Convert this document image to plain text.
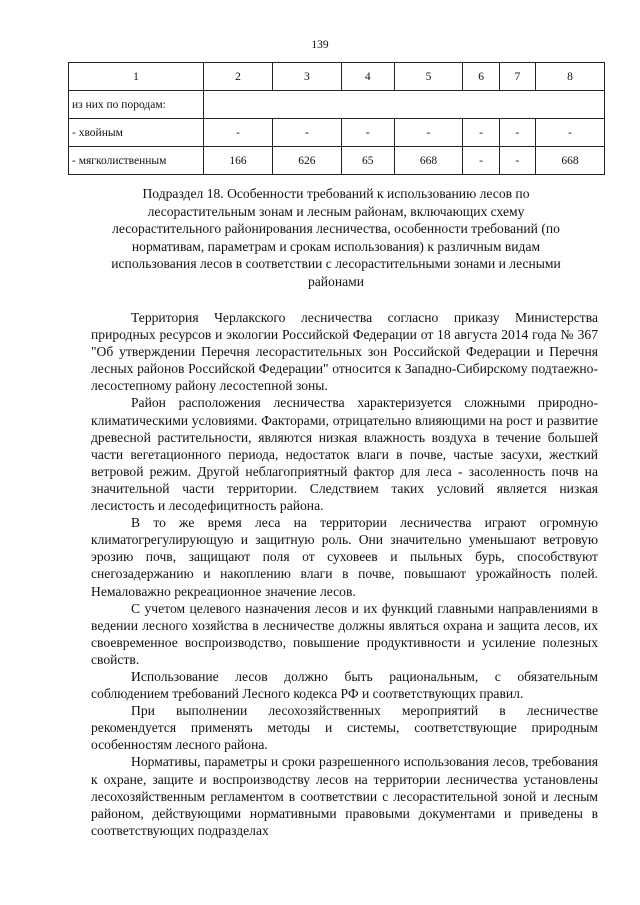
139
1	2	3	4	5	6	7	8
из них по породам:							
- хвойным	-	-	-	-	-	-	-
- мягколиственным	166	626	65	668	-	-	668
Подраздел 18. Особенности требований к использованию лесов по лесорастительным зонам и лесным районам, включающих схему лесорастительного районирования лесничества, особенности требований (по нормативам, параметрам и срокам использования) к различным видам использования лесов в соответствии с лесорастительными зонами и лесными районами

Территория Черлакского лесничества согласно приказу Министерства природных ресурсов и экологии Российской Федерации от 18 августа 2014 года № 367 "Об утверждении Перечня лесорастительных зон Российской Федерации и Перечня лесных районов Российской Федерации" относится к Западно-Сибирскому подтаежно-лесостепному району лесостепной зоны.

Район расположения лесничества характеризуется сложными природно-климатическими условиями. Факторами, отрицательно влияющими на рост и развитие древесной растительности, являются низкая влажность воздуха в течение большей части вегетационного периода, недостаток влаги в почве, частые засухи, жесткий ветровой режим. Другой неблагоприятный фактор для леса - засоленность почв на значительной части территории. Следствием таких условий является низкая лесистость и лесодефицитность района.

В то же время леса на территории лесничества играют огромную климатогрегулирующую и защитную роль. Они значительно уменьшают ветровую эрозию почв, защищают поля от суховеев и пыльных бурь, способствуют снегозадержанию и накоплению влаги в почве, повышают урожайность полей. Немаловажно рекреационное значение лесов.

С учетом целевого назначения лесов и их функций главными направлениями в ведении лесного хозяйства в лесничестве должны являться охрана и защита лесов, их своевременное воспроизводство, повышение продуктивности и усиление полезных свойств.

Использование лесов должно быть рациональным, с обязательным соблюдением требований Лесного кодекса РФ и соответствующих правил.

При выполнении лесохозяйственных мероприятий в лесничестве рекомендуется применять методы и системы, соответствующие природным особенностям лесного района.

Нормативы, параметры и сроки разрешенного использования лесов, требования к охране, защите и воспроизводству лесов на территории лесничества установлены лесохозяйственным регламентом в соответствии с лесорастительной зоной и лесным районом, действующими нормативными правовыми документами и приведены в соответствующих подразделах
